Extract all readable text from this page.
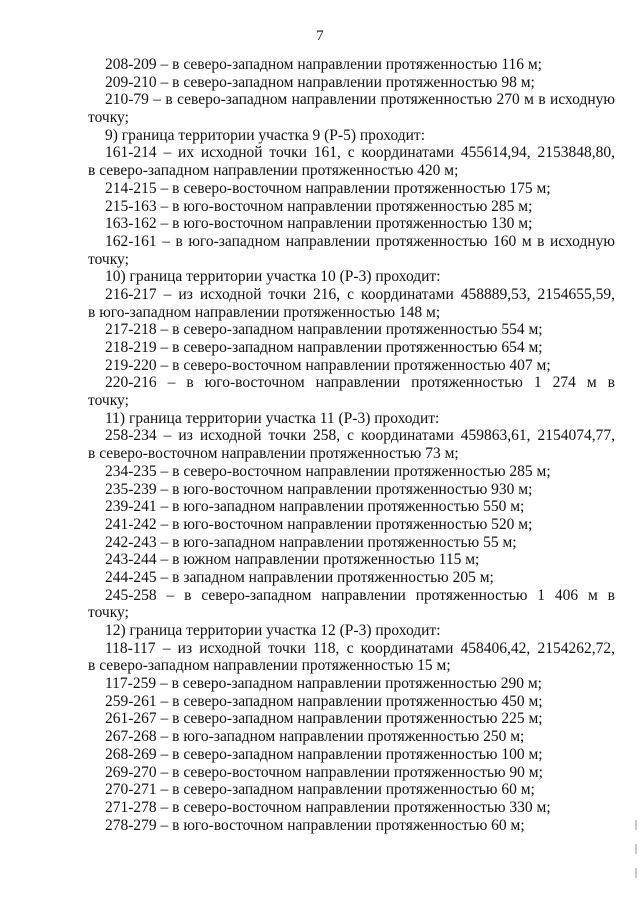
7
208-209 – в северо-западном направлении протяженностью 116 м;
209-210 – в северо-западном направлении протяженностью 98 м;
210-79 – в северо-западном направлении протяженностью 270 м в исходную
точку;
9) граница территории участка 9 (Р-5) проходит:
161-214 – их исходной точки 161, с координатами 455614,94, 2153848,80,
в северо-западном направлении протяженностью 420 м;
214-215 – в северо-восточном направлении протяженностью 175 м;
215-163 – в юго-восточном направлении протяженностью 285 м;
163-162 – в юго-восточном направлении протяженностью 130 м;
162-161 – в юго-западном направлении протяженностью 160 м в исходную
точку;
10) граница территории участка 10 (Р-3) проходит:
216-217 – из исходной точки 216, с координатами 458889,53, 2154655,59,
в юго-западном направлении протяженностью 148 м;
217-218 – в северо-западном направлении протяженностью 554 м;
218-219 – в северо-западном направлении протяженностью 654 м;
219-220 – в северо-восточном направлении протяженностью 407 м;
220-216 – в юго-восточном направлении протяженностью 1 274 м в
точку;
11) граница территории участка 11 (Р-3) проходит:
258-234 – из исходной точки 258, с координатами 459863,61, 2154074,77,
в северо-восточном направлении протяженностью 73 м;
234-235 – в северо-восточном направлении протяженностью 285 м;
235-239 – в юго-восточном направлении протяженностью 930 м;
239-241 – в юго-западном направлении протяженностью 550 м;
241-242 – в юго-восточном направлении протяженностью 520 м;
242-243 – в юго-западном направлении протяженностью 55 м;
243-244 – в южном направлении протяженностью 115 м;
244-245 – в западном направлении протяженностью 205 м;
245-258 – в северо-западном направлении протяженностью 1 406 м в
точку;
12) граница территории участка 12 (Р-3) проходит:
118-117 – из исходной точки 118, с координатами 458406,42, 2154262,72,
в северо-западном направлении протяженностью 15 м;
117-259 – в северо-западном направлении протяженностью 290 м;
259-261 – в северо-западном направлении протяженностью 450 м;
261-267 – в северо-западном направлении протяженностью 225 м;
267-268 – в юго-западном направлении протяженностью 250 м;
268-269 – в северо-западном направлении протяженностью 100 м;
269-270 – в северо-восточном направлении протяженностью 90 м;
270-271 – в северо-западном направлении протяженностью 60 м;
271-278 – в северо-восточном направлении протяженностью 330 м;
278-279 – в юго-восточном направлении протяженностью 60 м;
